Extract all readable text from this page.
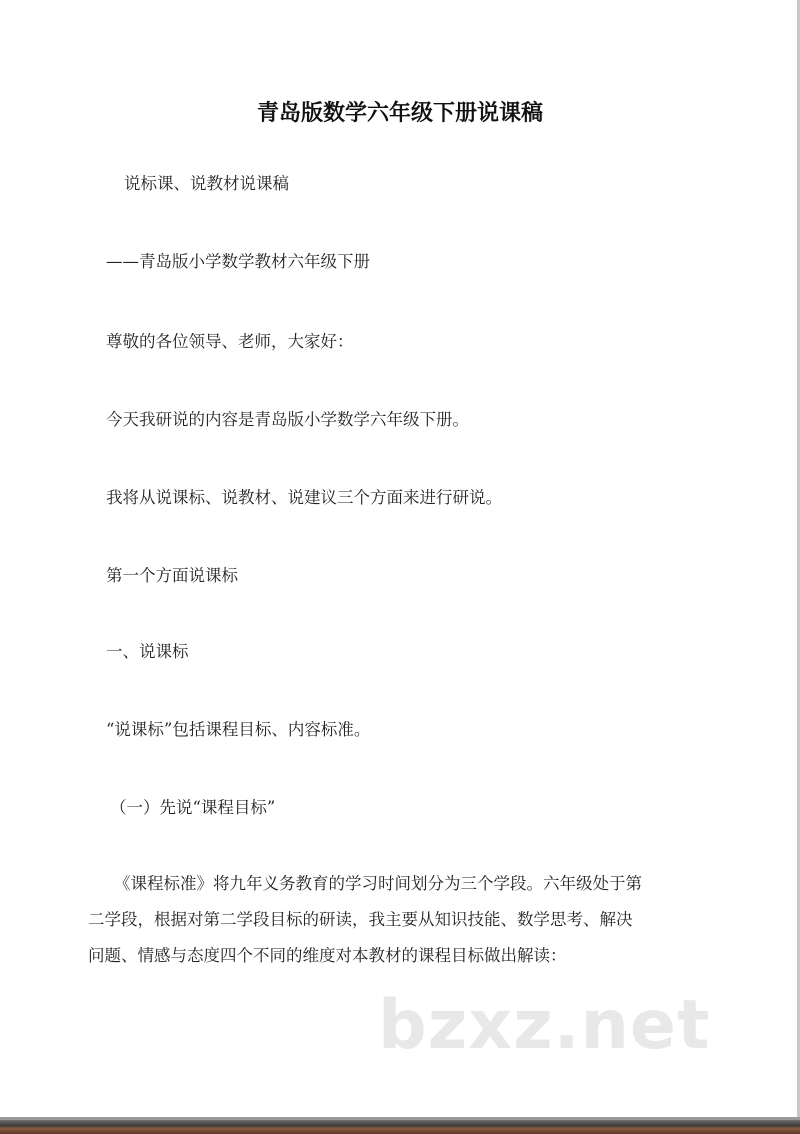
青岛版数学六年级下册说课稿
说标课、说教材说课稿
——青岛版小学数学教材六年级下册
尊敬的各位领导、老师，大家好：
今天我研说的内容是青岛版小学数学六年级下册。
我将从说课标、说教材、说建议三个方面来进行研说。
第一个方面说课标
一、说课标
“说课标”包括课程目标、内容标准。
（一）先说“课程目标”
《课程标准》将九年义务教育的学习时间划分为三个学段。六年级处于第
二学段，根据对第二学段目标的研读，我主要从知识技能、数学思考、解决
问题、情感与态度四个不同的维度对本教材的课程目标做出解读：
bzxz.net
